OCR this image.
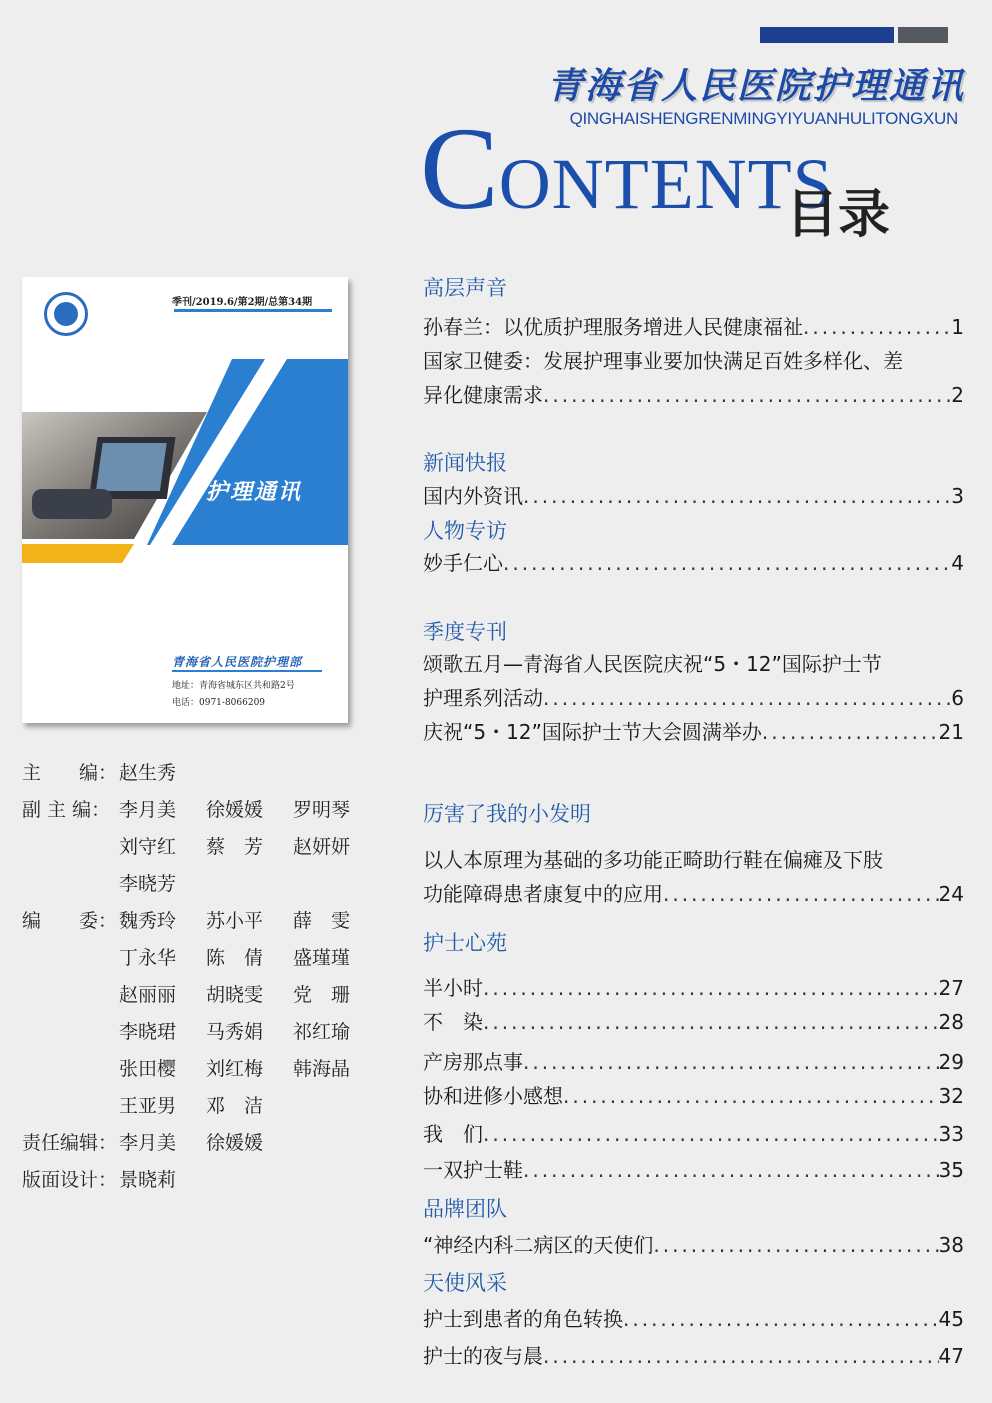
青海省人民医院护理通讯
QINGHAISHENGRENMINGYIYUANHULITONGXUN
CONTENTS
目录
季刊/2019.6/第2期/总第34期
护理通讯
青海省人民医院护理部
地址：青海省城东区共和路2号
电话：0971-8066209
主　　编： 赵生秀
副 主 编： 李月美 徐媛媛 罗明琴
刘守红 蔡　芳 赵妍妍
李晓芳
编　　委： 魏秀玲 苏小平 薛　雯
丁永华 陈　倩 盛瑾瑾
赵丽丽 胡晓雯 党　珊
李晓珺 马秀娟 祁红瑜
张田樱 刘红梅 韩海晶
王亚男 邓　洁
责任编辑： 李月美 徐媛媛
版面设计： 景晓莉
高层声音
孙春兰：以优质护理服务增进人民健康福祉 .....	1
国家卫健委：发展护理事业要加快满足百姓多样化、差
异化健康需求 .....	2
新闻快报
国内外资讯 .....	3
人物专访
妙手仁心 .....	4
季度专刊
颂歌五月—青海省人民医院庆祝“5・12”国际护士节
护理系列活动 .....	6
庆祝“5・12”国际护士节大会圆满举办 .....	21
厉害了我的小发明
以人本原理为基础的多功能正畸助行鞋在偏瘫及下肢
功能障碍患者康复中的应用 .....	24
护士心苑
半小时 .....	27
不　染 .....	28
产房那点事 .....	29
协和进修小感想 .....	32
我　们 .....	33
一双护士鞋 .....	35
品牌团队
“神经内科二病区的天使们 .....	38
天使风采
护士到患者的角色转换 .....	45
护士的夜与晨 .....	47
